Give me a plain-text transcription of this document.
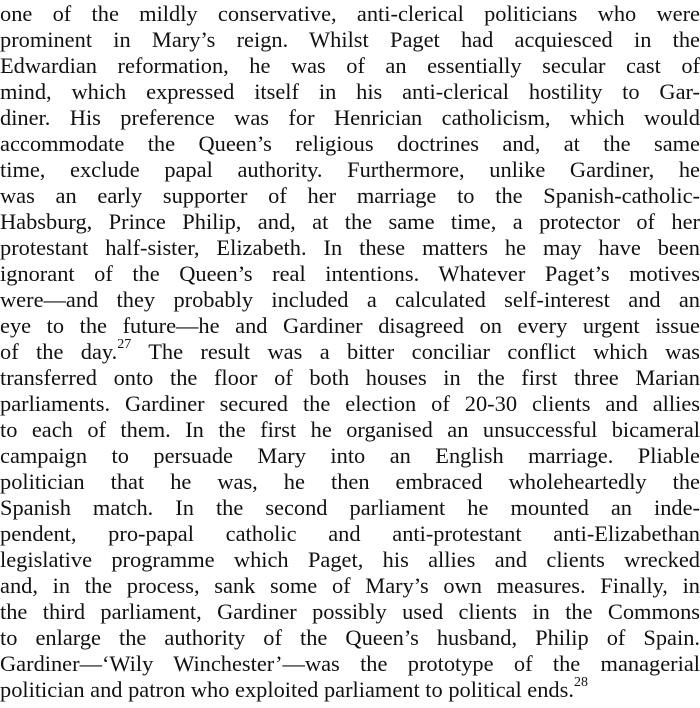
one of the mildly conservative, anti-clerical politicians who were

prominent in Mary’s reign. Whilst Paget had acquiesced in the

Edwardian reformation, he was of an essentially secular cast of

mind, which expressed itself in his anti-clerical hostility to Gar-

diner. His preference was for Henrician catholicism, which would

accommodate the Queen’s religious doctrines and, at the same

time, exclude papal authority. Furthermore, unlike Gardiner, he

was an early supporter of her marriage to the Spanish-catholic-

Habsburg, Prince Philip, and, at the same time, a protector of her

protestant half-sister, Elizabeth. In these matters he may have been

ignorant of the Queen’s real intentions. Whatever Paget’s motives

were—and they probably included a calculated self-interest and an

eye to the future—he and Gardiner disagreed on every urgent issue

of the day.$^{27}$ The result was a bitter conciliar conflict which was

transferred onto the floor of both houses in the first three Marian

parliaments. Gardiner secured the election of 20-30 clients and allies

to each of them. In the first he organised an unsuccessful bicameral

campaign to persuade Mary into an English marriage. Pliable

politician that he was, he then embraced wholeheartedly the

Spanish match. In the second parliament he mounted an inde-

pendent, pro-papal catholic and anti-protestant anti-Elizabethan

legislative programme which Paget, his allies and clients wrecked

and, in the process, sank some of Mary’s own measures. Finally, in

the third parliament, Gardiner possibly used clients in the Commons

to enlarge the authority of the Queen’s husband, Philip of Spain.

Gardiner—‘Wily Winchester’—was the prototype of the managerial

politician and patron who exploited parliament to political ends.$^{28}$
